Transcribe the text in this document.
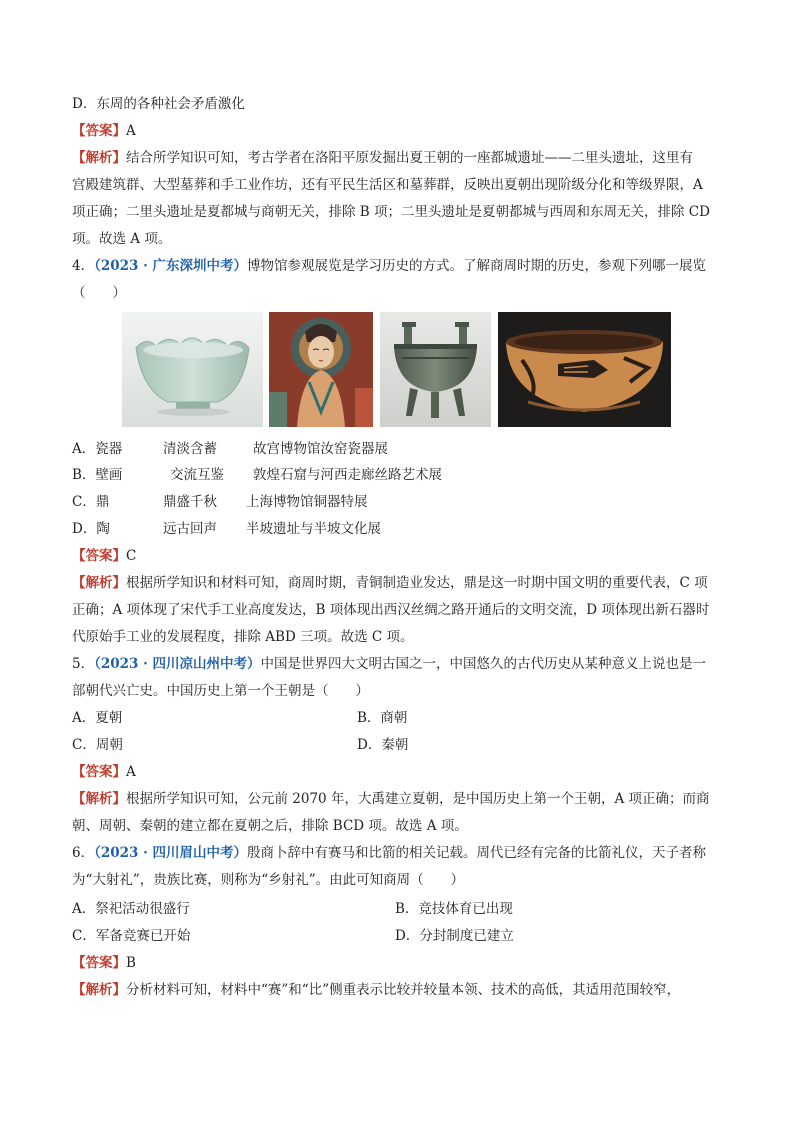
D．东周的各种社会矛盾激化
【答案】A
【解析】结合所学知识可知，考古学者在洛阳平原发掘出夏王朝的一座都城遗址——二里头遗址，这里有
宫殿建筑群、大型墓葬和手工业作坊，还有平民生活区和墓葬群，反映出夏朝出现阶级分化和等级界限，A
项正确；二里头遗址是夏都城与商朝无关，排除 B 项；二里头遗址是夏朝都城与西周和东周无关，排除 CD
项。故选 A 项。
4．（2023 · 广东深圳中考）博物馆参观展览是学习历史的方式。了解商周时期的历史，参观下列哪一展览
（　　）
A．瓷器	清淡含蓄	故宫博物馆汝窑瓷器展
B．壁画	交流互鉴 敦煌石窟与河西走廊丝路艺术展
C．鼎	鼎盛千秋 上海博物馆铜器特展
D．陶	远古回声 半坡遗址与半坡文化展
【答案】C
【解析】根据所学知识和材料可知，商周时期，青铜制造业发达，鼎是这一时期中国文明的重要代表，C 项
正确；A 项体现了宋代手工业高度发达，B 项体现出西汉丝绸之路开通后的文明交流，D 项体现出新石器时
代原始手工业的发展程度，排除 ABD 三项。故选 C 项。
5．（2023 · 四川凉山州中考）中国是世界四大文明古国之一，中国悠久的古代历史从某种意义上说也是一
部朝代兴亡史。中国历史上第一个王朝是（　　）
A．夏朝	B．商朝
C．周朝	D．秦朝
【答案】A
【解析】根据所学知识可知，公元前 2070 年，大禹建立夏朝，是中国历史上第一个王朝，A 项正确；而商
朝、周朝、秦朝的建立都在夏朝之后，排除 BCD 项。故选 A 项。
6．（2023 · 四川眉山中考）殷商卜辞中有赛马和比箭的相关记载。周代已经有完备的比箭礼仪，天子者称
为“大射礼”，贵族比赛，则称为“乡射礼”。由此可知商周（　　）
A．祭祀活动很盛行	B．竞技体育已出现
C．军备竞赛已开始	D．分封制度已建立
【答案】B
【解析】分析材料可知，材料中“赛”和“比”侧重表示比较并较量本领、技术的高低，其适用范围较窄，
